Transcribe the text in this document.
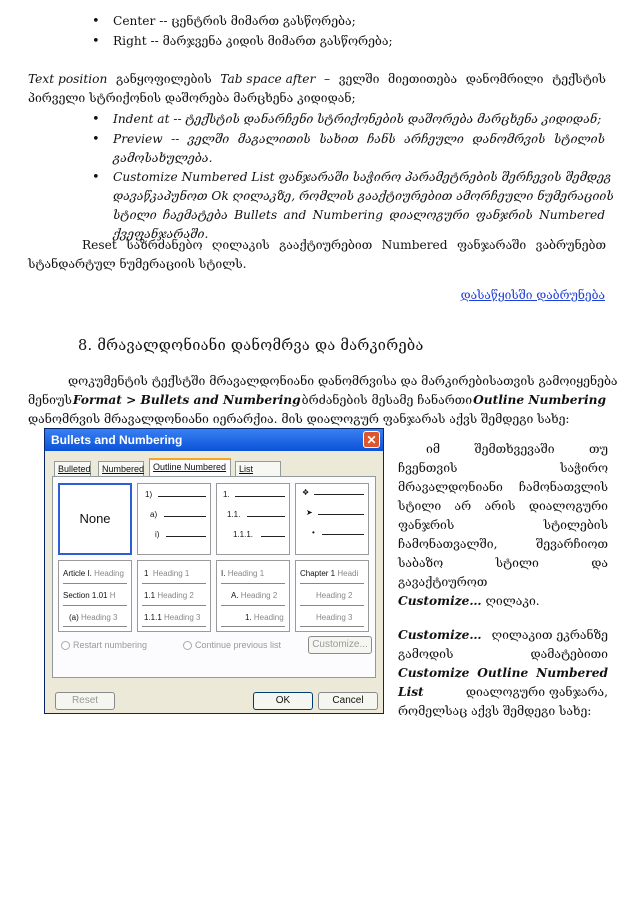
• Center -- ცენტრის მიმართ გასწორება;
• Right -- მარჯვენა კიდის მიმართ გასწორება;
Text position განყოფილების Tab space after – ველში მიეთითება დანომრილი ტექსტის
პირველი სტრიქონის დაშორება მარცხენა კიდიდან;
• Indent at -- ტექსტის დანარჩენი სტრიქონების დაშორება მარცხენა კიდიდან;
• Preview -- ველში მაგალითის სახით ჩანს არჩეული დანომრვის სტილის
გამოსახულება.
• Customize Numbered List ფანჯარაში საჭირო პარამეტრების შერჩევის შემდეგ
დავაწკაპუნოთ Ok ღილაკზე, რომლის გააქტიურებით ამორჩეული ნუმერაციის
სტილი ჩაემატება Bullets and Numbering დიალოგური ფანჯრის Numbered
ქვეფანჯარაში.
Reset საზრძანებო ღილაკის გააქტიურებით Numbered ფანჯარაში ვაბრუნებთ
სტანდარტულ ნუმერაციის სტილს.
დასაწყისში დაბრუნება
8. მრავალდონიანი დანომრვა და მარკირება
დოკუმენტის ტექსტში მრავალდონიანი დანომრვისა და მარკირებისათვის გამოიყენება
მენიუს Format > Bullets and Numbering ბრძანების მესამე ჩანართი Outline Numbering
დანომრვის მრავალდონიანი იერარქია. მის დიალოგურ ფანჯარას აქვს შემდეგი სახე:
იმ შემთხვევაში თუ
ჩვენთვის საჭირო
მრავალდონიანი ჩამონათვლის
სტილი არ არის დიალოგური
ფანჯრის სტილების
ჩამონათვალში, შევარჩიოთ
საბაზო სტილი და
გავაქტიუროთ
Customize… ღილაკი.
Customize… ღილაკით ეკრანზე
გამოდის დამატებითი
Customize Outline Numbered
List	დიალოგური ფანჯარა,
რომელსაც აქვს შემდეგი სახე:
Bullets and Numbering	✕
Bulleted	Numbered Outline Numbered	List
None
1)
a)
i)
1.
1.1.
1.1.1.
❖
➤
•
Article I. Heading
Section 1.01 H
(a) Heading 3
1 Heading 1
1.1 Heading 2
1.1.1 Heading 3
I. Heading 1
A. Heading 2
1. Heading
Chapter 1 Headi
Heading 2
Heading 3
Restart numbering	Continue previous list	Customize...
Reset	OK	Cancel
